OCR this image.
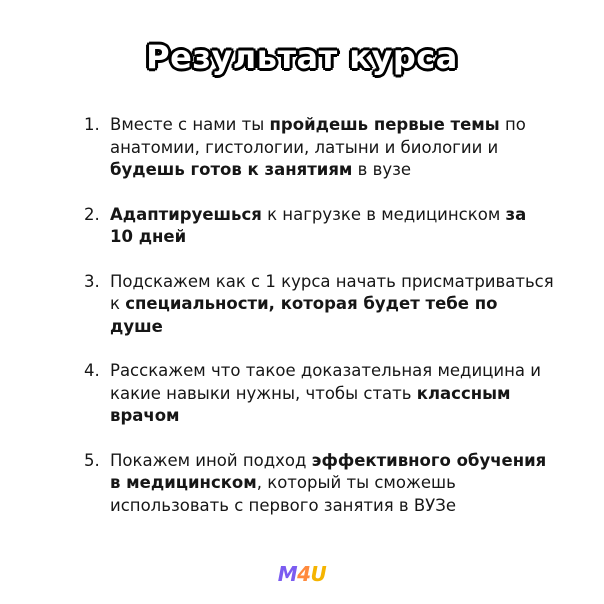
Результат курса
1. Вместе с нами ты пройдешь первые темы по анатомии, гистологии, латыни и биологии и будешь готов к занятиям в вузе
2. Адаптируешься к нагрузке в медицинском за 10 дней
3. Подскажем как с 1 курса начать присматриваться к специальности, которая будет тебе по душе
4. Расскажем что такое доказательная медицина и какие навыки нужны, чтобы стать классным врачом
5. Покажем иной подход эффективного обучения в медицинском, который ты сможешь использовать с первого занятия в ВУЗе
M4U
